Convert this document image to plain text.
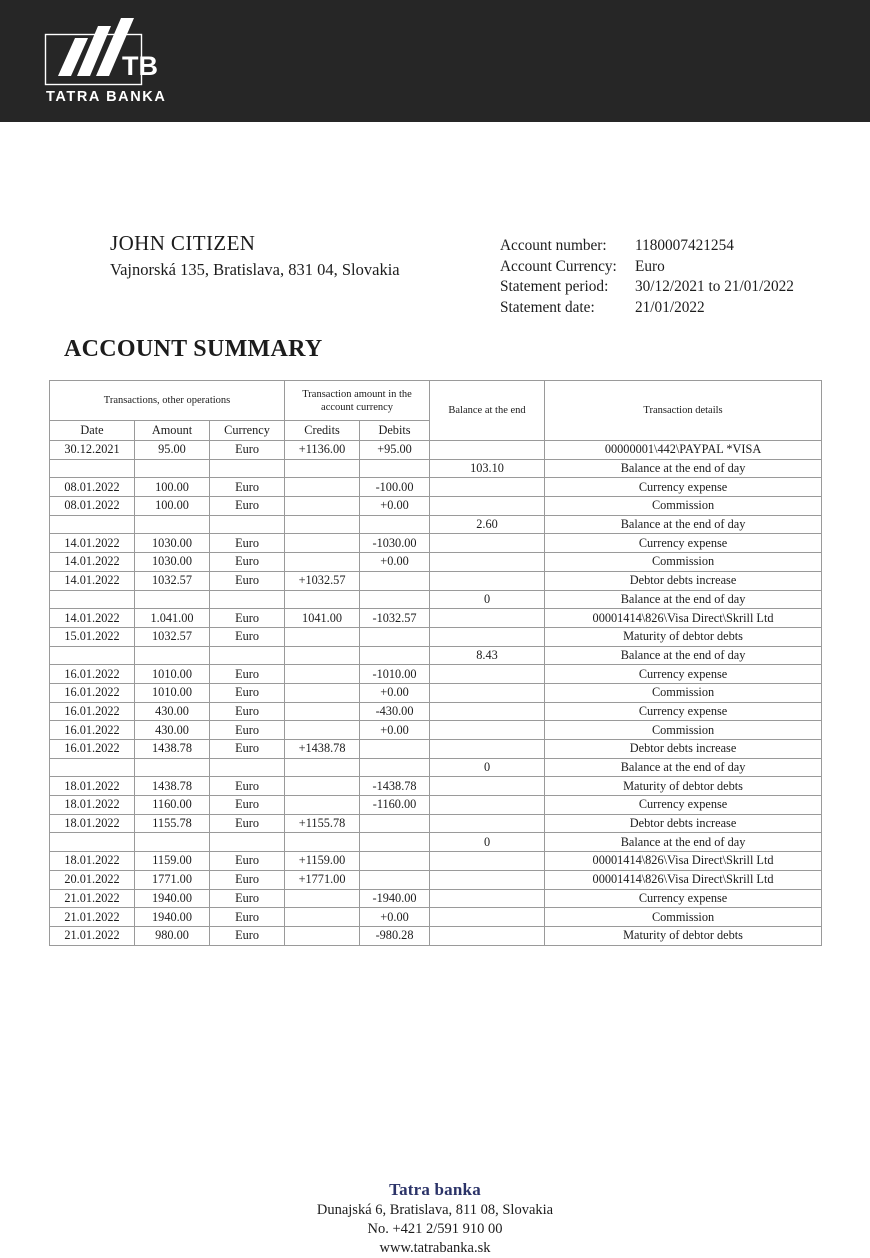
TB
TATRA BANKA

JOHN CITIZEN

Vajnorská 135, Bratislava, 831 04, Slovakia

Account number:	1180007421254
Account Currency:	Euro
Statement period:	30/12/2021 to 21/01/2022
Statement date:	21/01/2022
ACCOUNT SUMMARY
Transactions, other operations			Transaction amount in the account currency		Balance at the end	Transaction details
Date	Amount	Currency	Credits	Debits		
30.12.2021	95.00	Euro	+1136.00	+95.00		00000001\442\PAYPAL *VISA
					103.10	Balance at the end of day
08.01.2022	100.00	Euro		-100.00		Currency expense
08.01.2022	100.00	Euro		+0.00		Commission
					2.60	Balance at the end of day
14.01.2022	1030.00	Euro		-1030.00		Currency expense
14.01.2022	1030.00	Euro		+0.00		Commission
14.01.2022	1032.57	Euro	+1032.57			Debtor debts increase
					0	Balance at the end of day
14.01.2022	1.041.00	Euro	1041.00	-1032.57		00001414\826\Visa Direct\Skrill Ltd
15.01.2022	1032.57	Euro				Maturity of debtor debts
					8.43	Balance at the end of day
16.01.2022	1010.00	Euro		-1010.00		Currency expense
16.01.2022	1010.00	Euro		+0.00		Commission
16.01.2022	430.00	Euro		-430.00		Currency expense
16.01.2022	430.00	Euro		+0.00		Commission
16.01.2022	1438.78	Euro	+1438.78			Debtor debts increase
					0	Balance at the end of day
18.01.2022	1438.78	Euro		-1438.78		Maturity of debtor debts
18.01.2022	1160.00	Euro		-1160.00		Currency expense
18.01.2022	1155.78	Euro	+1155.78			Debtor debts increase
					0	Balance at the end of day
18.01.2022	1159.00	Euro	+1159.00			00001414\826\Visa Direct\Skrill Ltd
20.01.2022	1771.00	Euro	+1771.00			00001414\826\Visa Direct\Skrill Ltd
21.01.2022	1940.00	Euro		-1940.00		Currency expense
21.01.2022	1940.00	Euro		+0.00		Commission
21.01.2022	980.00	Euro		-980.28		Maturity of debtor debts

Tatra banka

Dunajská 6, Bratislava, 811 08, Slovakia

No. +421 2/591 910 00

www.tatrabanka.sk
